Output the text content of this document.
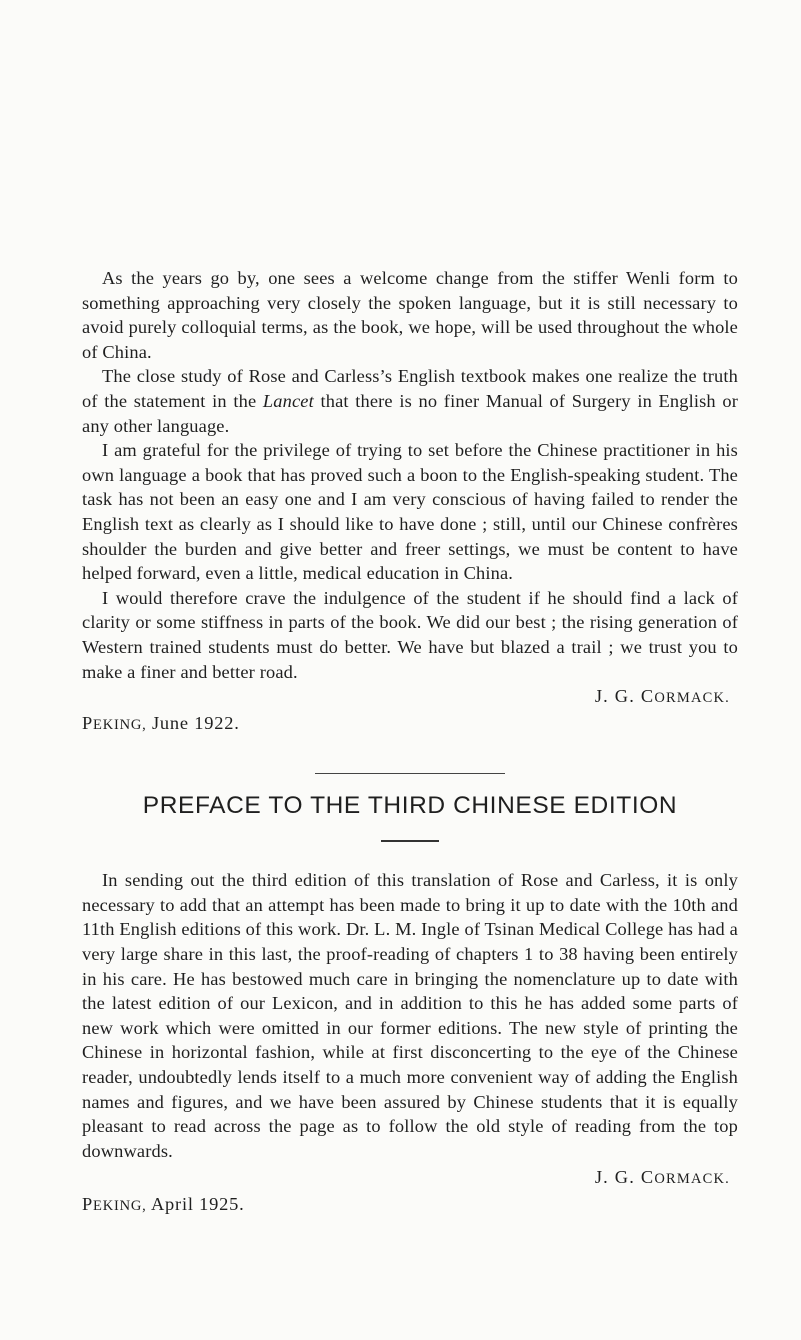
As the years go by, one sees a welcome change from the stiffer Wenli form to something approaching very closely the spoken language, but it is still necessary to avoid purely colloquial terms, as the book, we hope, will be used throughout the whole of China.

The close study of Rose and Carless’s English textbook makes one realize the truth of the statement in the Lancet that there is no finer Manual of Surgery in English or any other language.

I am grateful for the privilege of trying to set before the Chinese practitioner in his own language a book that has proved such a boon to the English-speaking student. The task has not been an easy one and I am very conscious of having failed to render the English text as clearly as I should like to have done ; still, until our Chinese confrères shoulder the burden and give better and freer settings, we must be content to have helped forward, even a little, medical education in China.

I would therefore crave the indulgence of the student if he should find a lack of clarity or some stiffness in parts of the book. We did our best ; the rising generation of Western trained students must do better. We have but blazed a trail ; we trust you to make a finer and better road.

J. G. CORMACK.
PEKING, June 1922.
PREFACE TO THE THIRD CHINESE EDITION

In sending out the third edition of this translation of Rose and Carless, it is only necessary to add that an attempt has been made to bring it up to date with the 10th and 11th English editions of this work. Dr. L. M. Ingle of Tsinan Medical College has had a very large share in this last, the proof-reading of chapters 1 to 38 having been entirely in his care. He has bestowed much care in bringing the nomenclature up to date with the latest edition of our Lexicon, and in addition to this he has added some parts of new work which were omitted in our former editions. The new style of printing the Chinese in horizontal fashion, while at first disconcerting to the eye of the Chinese reader, undoubtedly lends itself to a much more convenient way of adding the English names and figures, and we have been assured by Chinese students that it is equally pleasant to read across the page as to follow the old style of reading from the top downwards.

J. G. CORMACK.
PEKING, April 1925.
